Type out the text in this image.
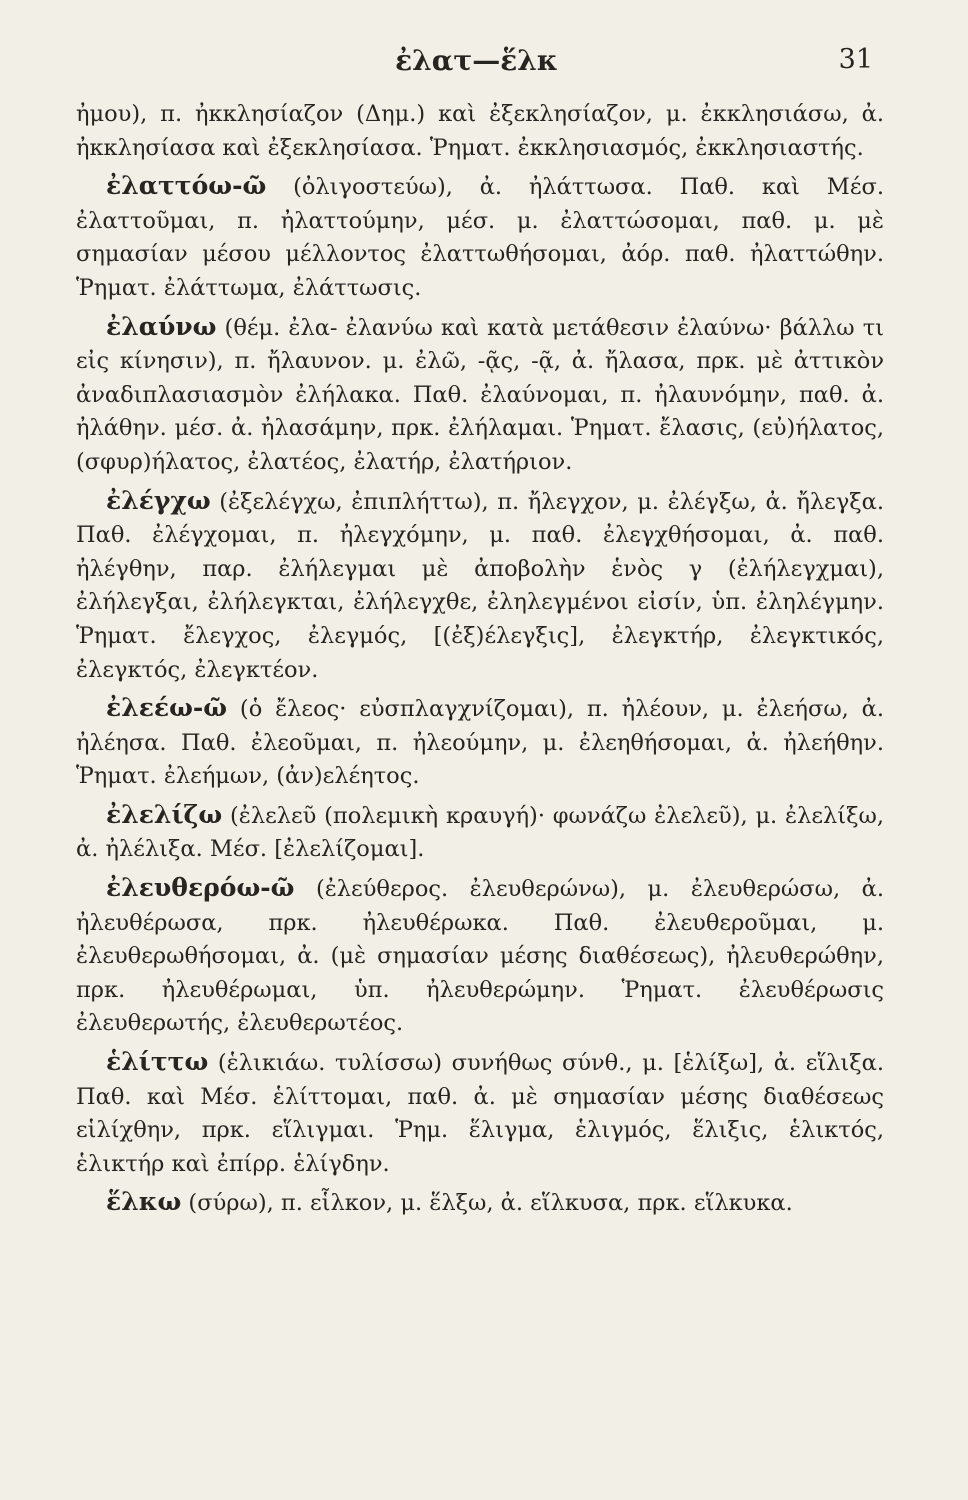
ἐλατ—ἕλκ	31

ἠμου), π. ἠκκλησίαζον (Δημ.) καὶ ἐξεκλησίαζον, μ. ἐκκλησιάσω, ἀ. ἠκκλησίασα καὶ ἐξεκλησίασα. Ῥηματ. ἐκκλησιασμός, ἐκκλησιαστής.

ἐλαττόω-ῶ (ὀλιγοστεύω), ἀ. ἠλάττωσα. Παθ. καὶ Μέσ. ἐλαττοῦμαι, π. ἠλαττούμην, μέσ. μ. ἐλαττώσομαι, παθ. μ. μὲ σημασίαν μέσου μέλλοντος ἐλαττωθήσομαι, ἀόρ. παθ. ἠλαττώθην. Ῥηματ. ἐλάττωμα, ἐλάττωσις.

ἐλαύνω (θέμ. ἐλα- ἐλανύω καὶ κατὰ μετάθεσιν ἐλαύνω· βάλλω τι εἰς κίνησιν), π. ἤλαυνον. μ. ἐλῶ, -ᾷς, -ᾷ, ἀ. ἤλασα, πρκ. μὲ ἀττικὸν ἀναδιπλασιασμὸν ἐλήλακα. Παθ. ἐλαύνομαι, π. ἠλαυνόμην, παθ. ἀ. ἠλάθην. μέσ. ἀ. ἠλασάμην, πρκ. ἐλήλαμαι. Ῥηματ. ἔλασις, (εὐ)ήλατος, (σφυρ)ήλατος, ἐλατέος, ἐλατήρ, ἐλατήριον.

ἐλέγχω (ἐξελέγχω, ἐπιπλήττω), π. ἤλεγχον, μ. ἐλέγξω, ἀ. ἤλεγξα. Παθ. ἐλέγχομαι, π. ἠλεγχόμην, μ. παθ. ἐλεγχθήσομαι, ἀ. παθ. ἠλέγθην, παρ. ἐλήλεγμαι μὲ ἀποβολὴν ἑνὸς γ (ἐλήλεγχμαι), ἐλήλεγξαι, ἐλήλεγκται, ἐλήλεγχθε, ἐληλεγμένοι εἰσίν, ὑπ. ἐληλέγμην. Ῥηματ. ἔλεγχος, ἐλεγμός, [(ἐξ)έλεγξις], ἐλεγκτήρ, ἐλεγκτικός, ἐλεγκτός, ἐλεγκτέον.

ἐλεέω-ῶ (ὁ ἔλεος· εὐσπλαγχνίζομαι), π. ἠλέουν, μ. ἐλεήσω, ἀ. ἠλέησα. Παθ. ἐλεοῦμαι, π. ἠλεούμην, μ. ἐλεηθήσομαι, ἀ. ἠλεήθην. Ῥηματ. ἐλεήμων, (ἀν)ελέητος.

ἐλελίζω (ἐλελεῦ (πολεμικὴ κραυγή)· φωνάζω ἐλελεῦ), μ. ἐλελίξω, ἀ. ἠλέλιξα. Μέσ. [ἐλελίζομαι].

ἐλευθερόω-ῶ (ἐλεύθερος. ἐλευθερώνω), μ. ἐλευθερώσω, ἀ. ἠλευθέρωσα, πρκ. ἠλευθέρωκα. Παθ. ἐλευθεροῦμαι, μ. ἐλευθερωθήσομαι, ἀ. (μὲ σημασίαν μέσης διαθέσεως), ἠλευθερώθην, πρκ. ἠλευθέρωμαι, ὑπ. ἠλευθερώμην. Ῥηματ. ἐλευθέρωσις ἐλευθερωτής, ἐλευθερωτέος.

ἑλίττω (ἑλικιάω. τυλίσσω) συνήθως σύνθ., μ. [ἑλίξω], ἀ. εἵλιξα. Παθ. καὶ Μέσ. ἑλίττομαι, παθ. ἀ. μὲ σημασίαν μέσης διαθέσεως εἱλίχθην, πρκ. εἵλιγμαι. Ῥημ. ἕλιγμα, ἑλιγμός, ἕλιξις, ἑλικτός, ἑλικτήρ καὶ ἐπίρρ. ἑλίγδην.

ἕλκω (σύρω), π. εἷλκον, μ. ἕλξω, ἀ. εἵλκυσα, πρκ. εἵλκυκα.
